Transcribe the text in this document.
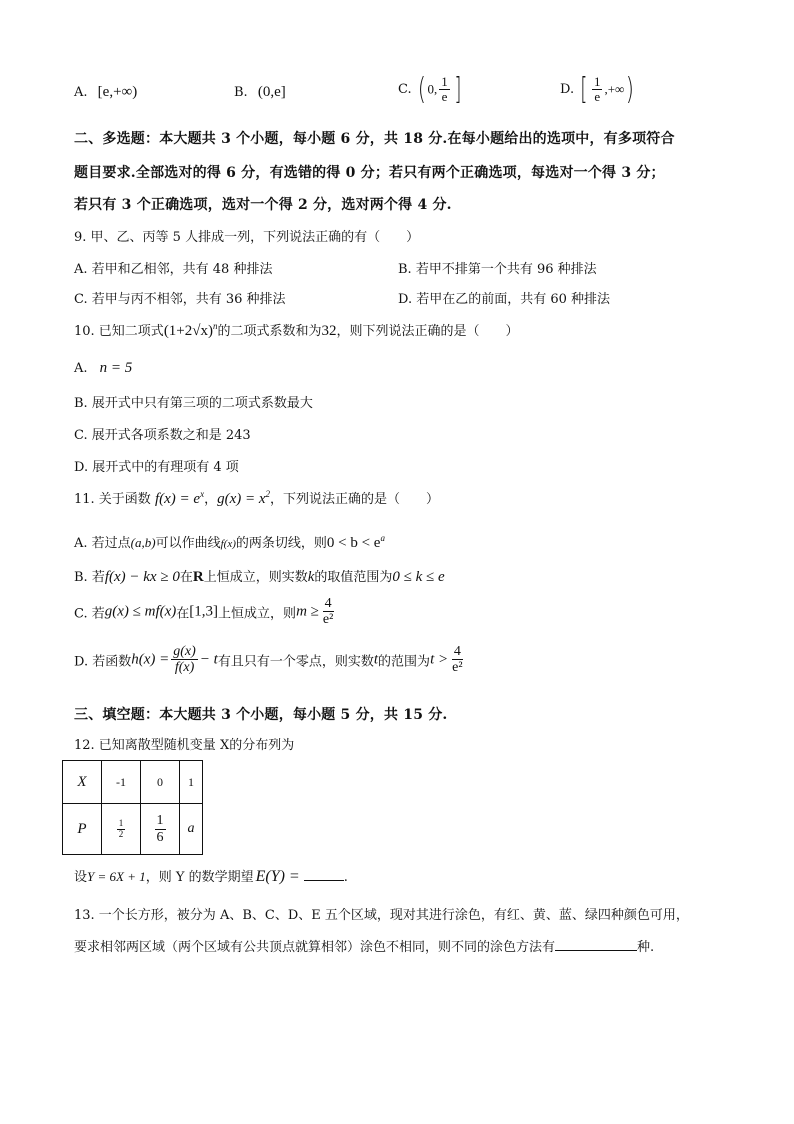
A. [e,+∞)	B. (0,e]	C. ( 0, $\frac{1}{e}$ ]	D. [ $\frac{1}{e}$ ,+∞)
二、多选题：本大题共 3 个小题，每小题 6 分，共 18 分.在每小题给出的选项中，有多项符合
题目要求.全部选对的得 6 分，有选错的得 0 分；若只有两个正确选项，每选对一个得 3 分；
若只有 3 个正确选项，选对一个得 2 分，选对两个得 4 分.
9. 甲、乙、丙等 5 人排成一列，下列说法正确的有（　　）
A. 若甲和乙相邻，共有 48 种排法	B. 若甲不排第一个共有 96 种排法
C. 若甲与丙不相邻，共有 36 种排法	D. 若甲在乙的前面，共有 60 种排法
10. 已知二项式$(1+2√x)^n$的二项式系数和为32，则下列说法正确的是（　　）
A. n = 5
B. 展开式中只有第三项的二项式系数最大
C. 展开式各项系数之和是 243
D. 展开式中的有理项有 4 项
11. 关于函数 $f(x) = e^x$，$g(x) = x^2$，下列说法正确的是（　　）
A. 若过点(a,b)可以作曲线f(x)的两条切线，则$0 < b < e^a$
B. 若f(x) − kx ≥ 0在R上恒成立，则实数k的取值范围为0 ≤ k ≤ e
C. 若g(x) ≤ mf(x)在[1,3]上恒成立，则$m \ge \frac{4}{\text{e²}}$
D. 若函数$h(x) = \frac{g(x)}{f(x)} - t$有且只有一个零点，则实数t的范围为$t > \frac{4}{\text{e²}}$
三、填空题：本大题共 3 个小题，每小题 5 分，共 15 分.
12. 已知离散型随机变量 X的分布列为
X	-1	0	1
P	$\frac{1}{2}$	$\frac{1}{6}$	a
设Y = 6X + 1，则 Y 的数学期望 E(Y) =	.
13. 一个长方形，被分为 A、B、C、D、E 五个区域，现对其进行涂色，有红、黄、蓝、绿四种颜色可用，
要求相邻两区域（两个区域有公共顶点就算相邻）涂色不相同，则不同的涂色方法有	种.
